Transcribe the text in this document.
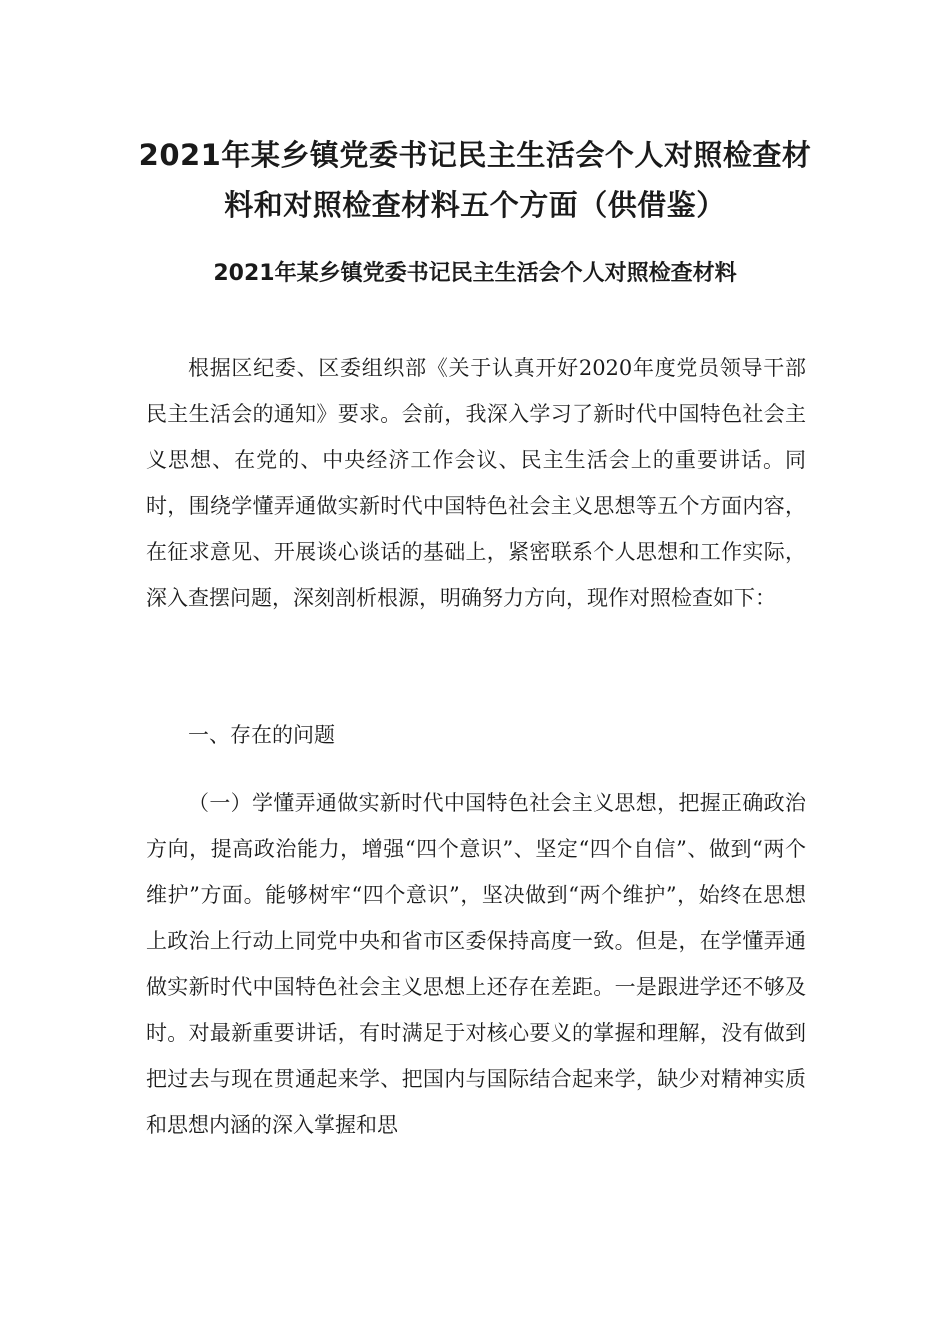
2021年某乡镇党委书记民主生活会个人对照检查材料和对照检查材料五个方面（供借鉴）
2021年某乡镇党委书记民主生活会个人对照检查材料

根据区纪委、区委组织部《关于认真开好2020年度党员领导干部民主生活会的通知》要求。会前，我深入学习了新时代中国特色社会主义思想、在党的、中央经济工作会议、民主生活会上的重要讲话。同时，围绕学懂弄通做实新时代中国特色社会主义思想等五个方面内容，在征求意见、开展谈心谈话的基础上，紧密联系个人思想和工作实际，深入查摆问题，深刻剖析根源，明确努力方向，现作对照检查如下：

一、存在的问题

（一）学懂弄通做实新时代中国特色社会主义思想，把握正确政治方向，提高政治能力，增强“四个意识”、坚定“四个自信”、做到“两个维护”方面。能够树牢“四个意识”，坚决做到“两个维护”，始终在思想上政治上行动上同党中央和省市区委保持高度一致。但是，在学懂弄通做实新时代中国特色社会主义思想上还存在差距。一是跟进学还不够及时。对最新重要讲话，有时满足于对核心要义的掌握和理解，没有做到把过去与现在贯通起来学、把国内与国际结合起来学，缺少对精神实质和思想内涵的深入掌握和思
